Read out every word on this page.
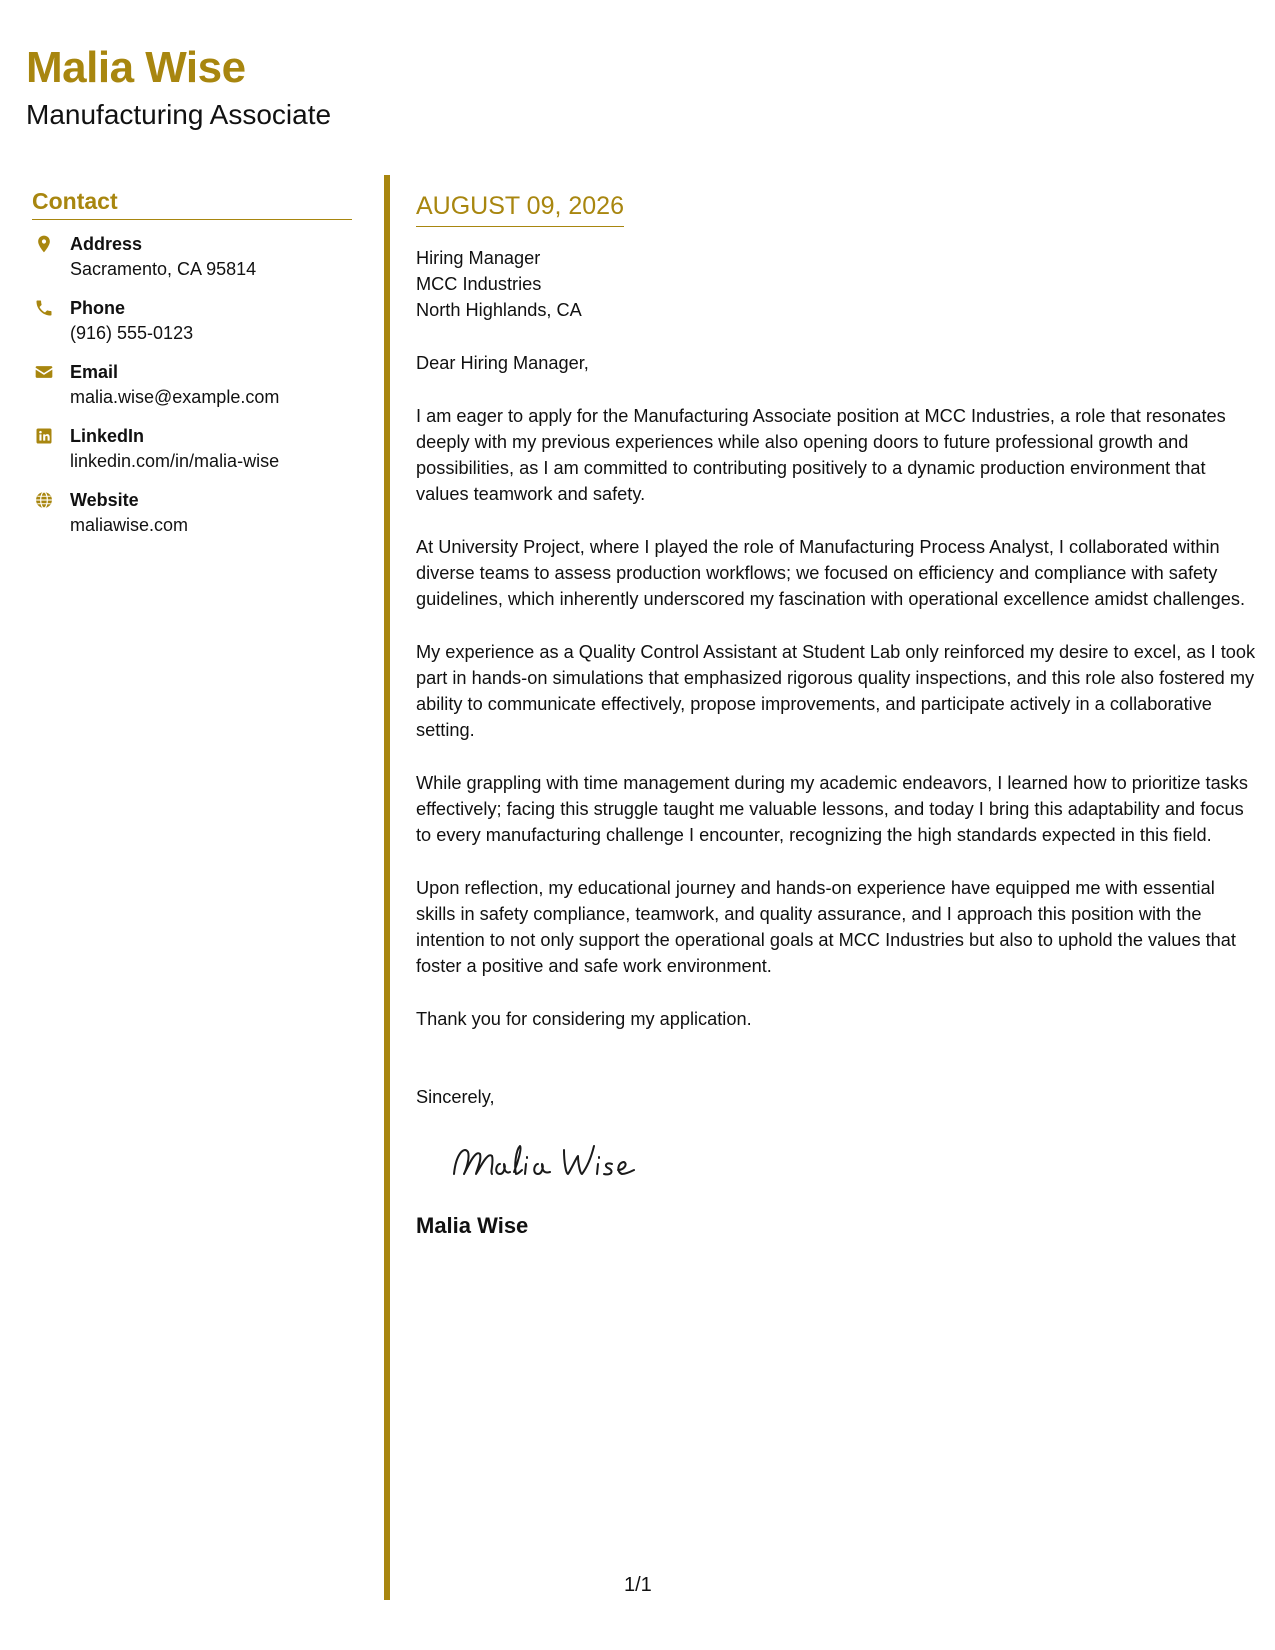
Malia Wise
Manufacturing Associate
Contact
Address
Sacramento, CA 95814
Phone
(916) 555-0123
Email
malia.wise@example.com
LinkedIn
linkedin.com/in/malia-wise
Website
maliawise.com
AUGUST 09, 2026
Hiring Manager
MCC Industries
North Highlands, CA

Dear Hiring Manager,

I am eager to apply for the Manufacturing Associate position at MCC Industries, a role that resonates deeply with my previous experiences while also opening doors to future professional growth and possibilities, as I am committed to contributing positively to a dynamic production environment that values teamwork and safety.

At University Project, where I played the role of Manufacturing Process Analyst, I collaborated within diverse teams to assess production workflows; we focused on efficiency and compliance with safety guidelines, which inherently underscored my fascination with operational excellence amidst challenges.

My experience as a Quality Control Assistant at Student Lab only reinforced my desire to excel, as I took part in hands-on simulations that emphasized rigorous quality inspections, and this role also fostered my ability to communicate effectively, propose improvements, and participate actively in a collaborative setting.

While grappling with time management during my academic endeavors, I learned how to prioritize tasks effectively; facing this struggle taught me valuable lessons, and today I bring this adaptability and focus to every manufacturing challenge I encounter, recognizing the high standards expected in this field.

Upon reflection, my educational journey and hands-on experience have equipped me with essential skills in safety compliance, teamwork, and quality assurance, and I approach this position with the intention to not only support the operational goals at MCC Industries but also to uphold the values that foster a positive and safe work environment.

Thank you for considering my application.

Sincerely,

Malia Wise
1/1
